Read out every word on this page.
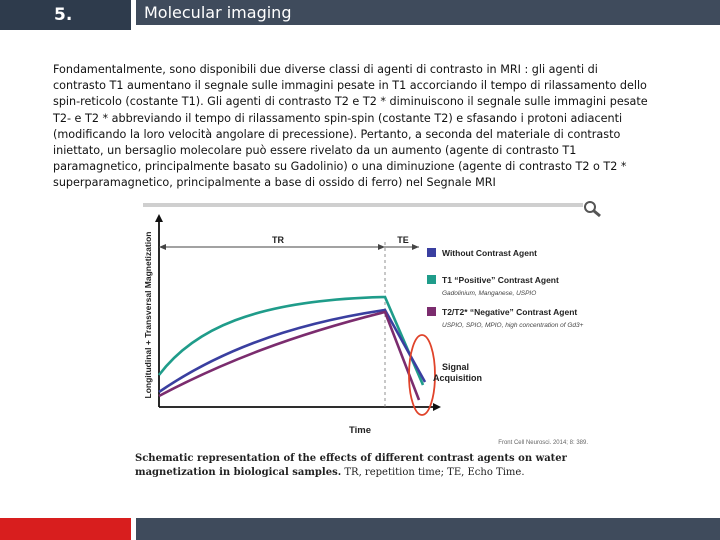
5.	Molecular imaging
Fondamentalmente, sono disponibili due diverse classi di agenti di contrasto in MRI : gli agenti di contrasto T1 aumentano il segnale sulle immagini pesate in T1 accorciando il tempo di rilassamento dello spin-reticolo (costante T1). Gli agenti di contrasto T2 e T2 * diminuiscono il segnale sulle immagini pesate T2- e T2 * abbreviando il tempo di rilassamento spin-spin (costante T2) e sfasando i protoni adiacenti (modificando la loro velocità angolare di precessione). Pertanto, a seconda del materiale di contrasto iniettato, un bersaglio molecolare può essere rivelato da un aumento (agente di contrasto T1 paramagnetico, principalmente basato su Gadolinio) o una diminuzione (agente di contrasto T2 o T2 * superparamagnetico, principalmente a base di ossido di ferro) nel Segnale MRI
Longitudinal + Transversal Magnetization
Time
TR	TE
Signal
Acquisition
Without Contrast Agent
T1 “Positive” Contrast Agent
Gadolinium, Manganese, USPIO
T2/T2* “Negative” Contrast Agent
USPIO, SPIO, MPIO, high concentration of Gd3+
Front Cell Neurosci. 2014; 8: 389.
Schematic representation of the effects of different contrast agents on water magnetization in biological samples. TR, repetition time; TE, Echo Time.
